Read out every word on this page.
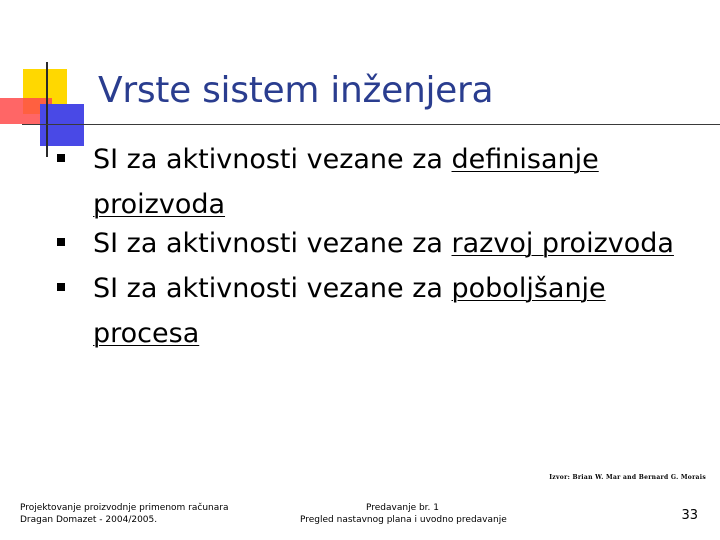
Vrste sistem inženjera
SI za aktivnosti vezane za definisanje proizvoda
SI za aktivnosti vezane za razvoj proizvoda
SI za aktivnosti vezane za poboljšanje procesa
Izvor: Brian W. Mar and Bernard G. Morais
Projektovanje proizvodnje primenom računara
Dragan Domazet - 2004/2005.
Predavanje br. 1
Pregled nastavnog plana i uvodno predavanje	33
